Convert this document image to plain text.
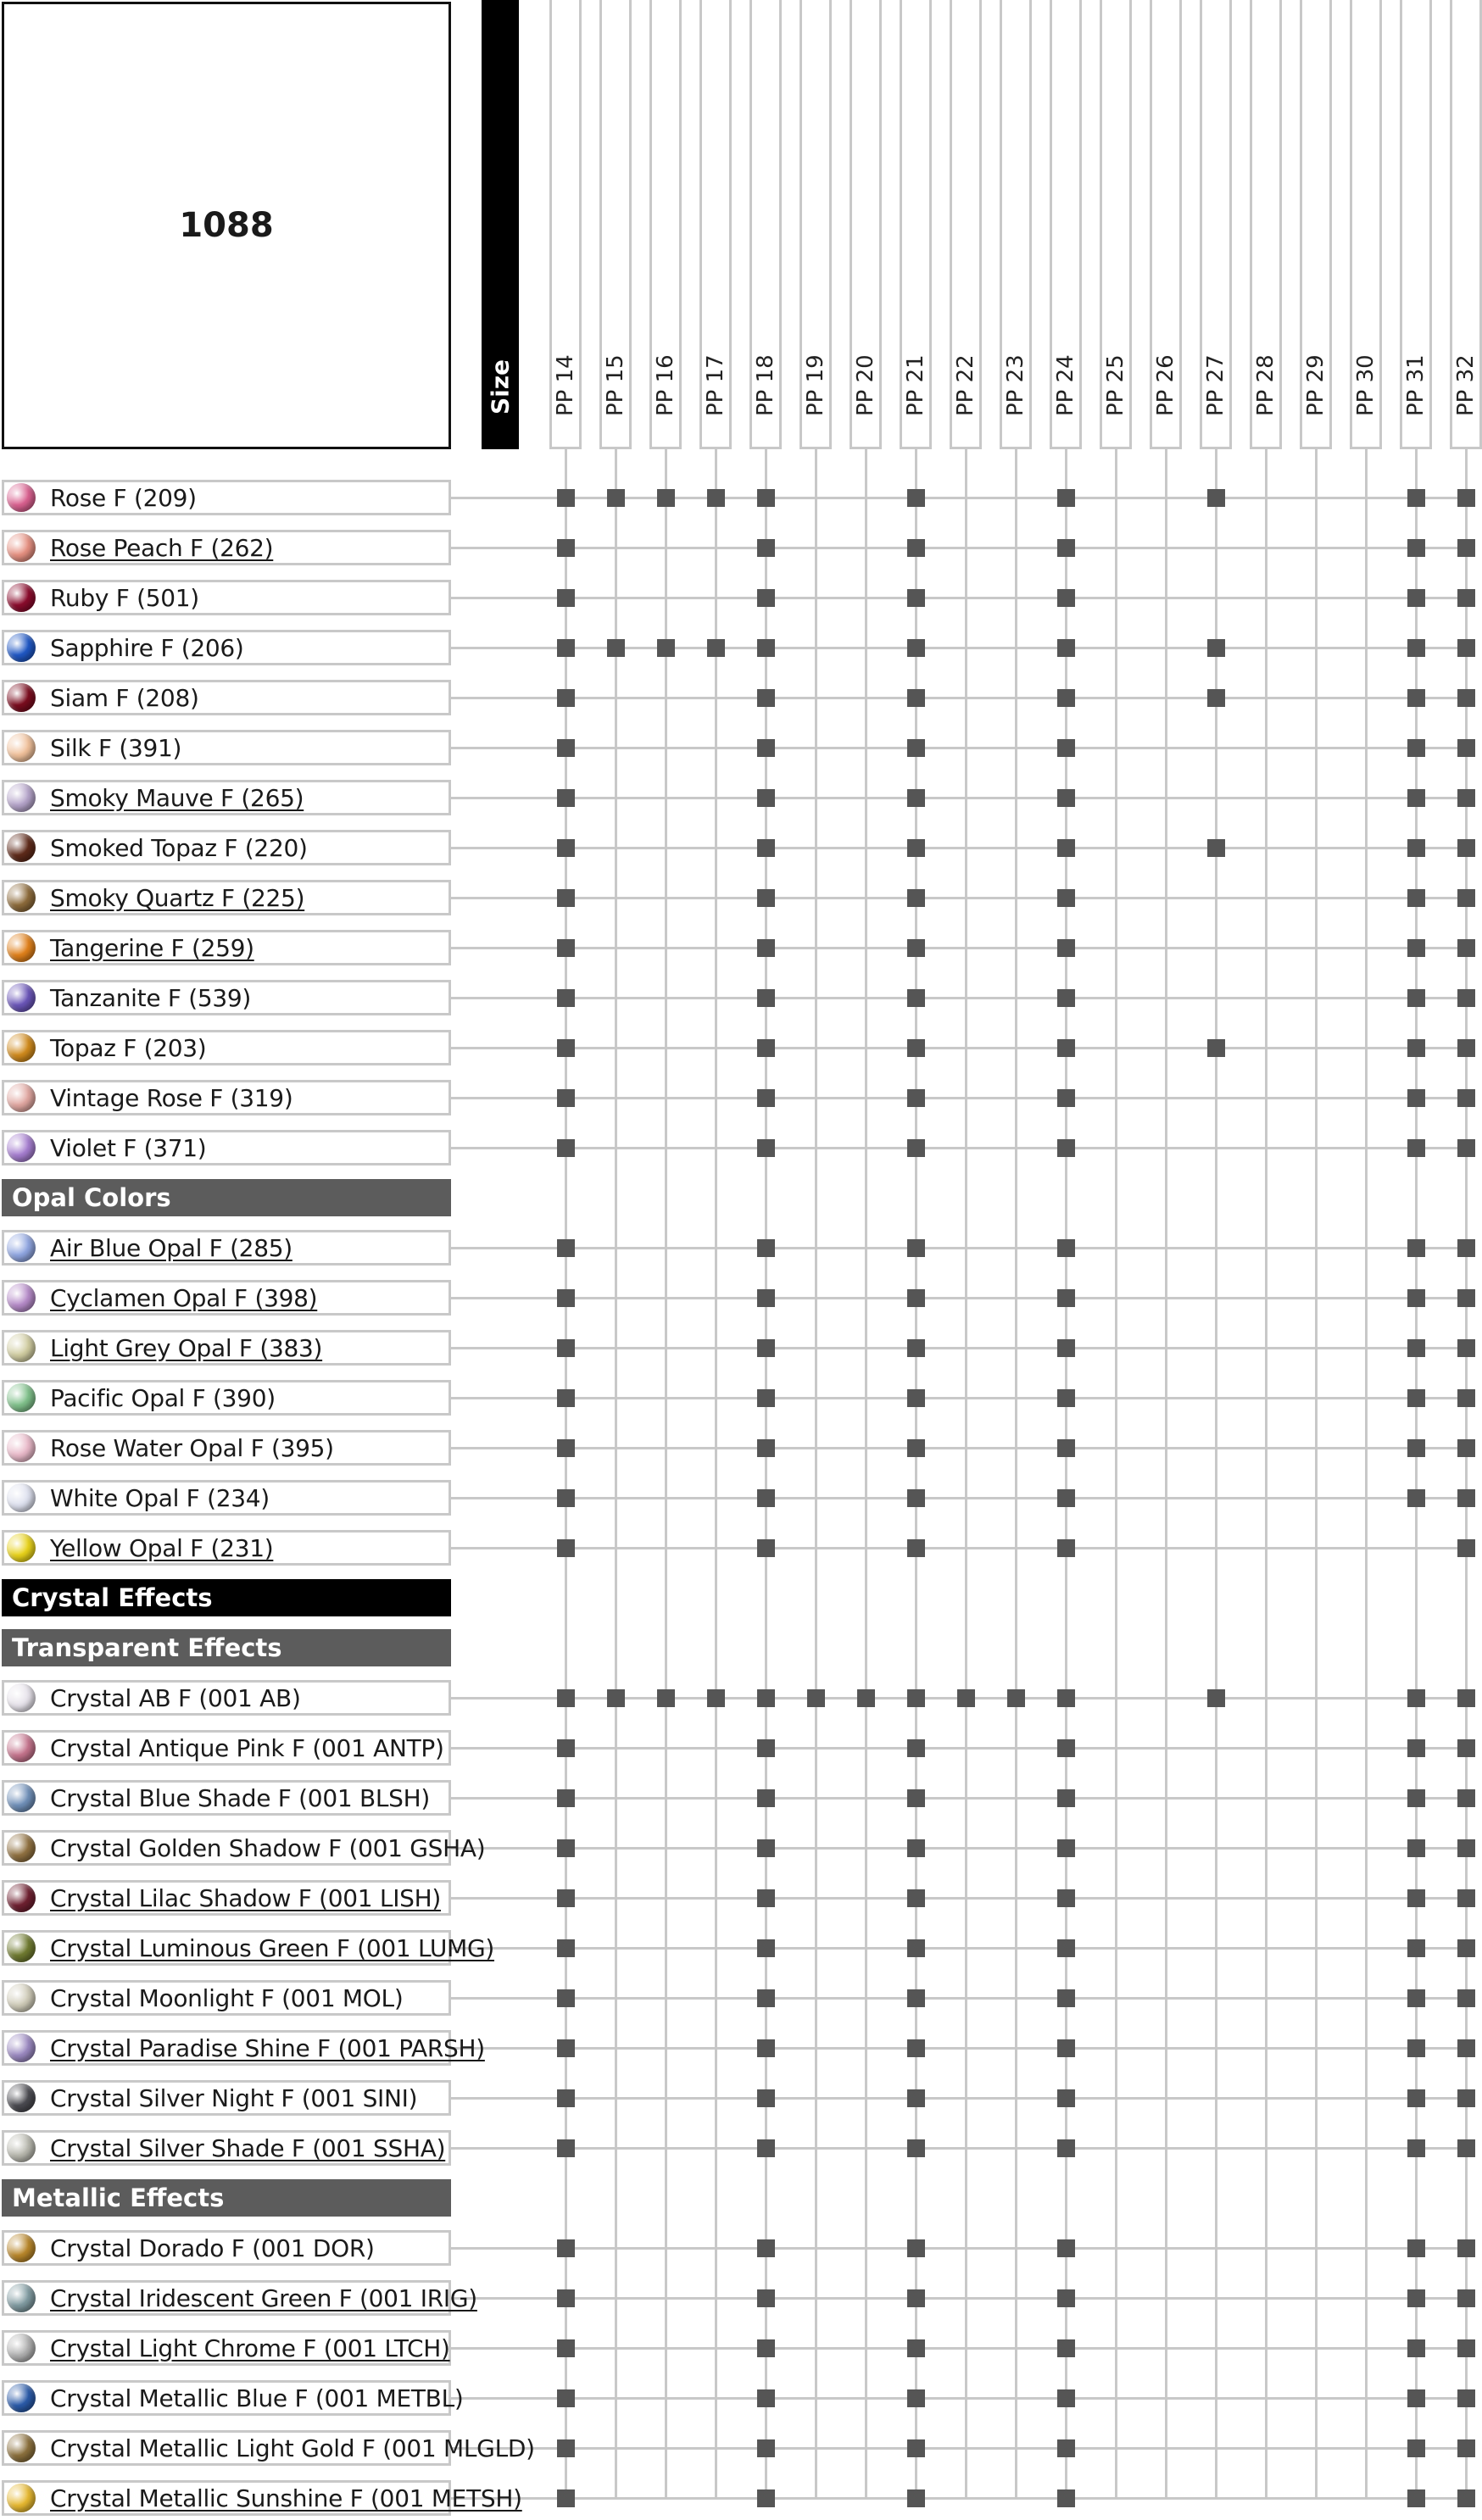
1088
Size PP 14 PP 15 PP 16 PP 17 PP 18 PP 19 PP 20 PP 21 PP 22 PP 23 PP 24 PP 25 PP 26 PP 27 PP 28 PP 29 PP 30 PP 31 PP 32
Rose F (209)
Rose Peach F (262)
Ruby F (501)
Sapphire F (206)
Siam F (208)
Silk F (391)
Smoky Mauve F (265)
Smoked Topaz F (220)
Smoky Quartz F (225)
Tangerine F (259)
Tanzanite F (539)
Topaz F (203)
Vintage Rose F (319)
Violet F (371)
Opal Colors
Air Blue Opal F (285)
Cyclamen Opal F (398)
Light Grey Opal F (383)
Pacific Opal F (390)
Rose Water Opal F (395)
White Opal F (234)
Yellow Opal F (231)
Crystal Effects
Transparent Effects
Crystal AB F (001 AB)
Crystal Antique Pink F (001 ANTP)
Crystal Blue Shade F (001 BLSH)
Crystal Golden Shadow F (001 GSHA)
Crystal Lilac Shadow F (001 LISH)
Crystal Luminous Green F (001 LUMG)
Crystal Moonlight F (001 MOL)
Crystal Paradise Shine F (001 PARSH)
Crystal Silver Night F (001 SINI)
Crystal Silver Shade F (001 SSHA)
Metallic Effects
Crystal Dorado F (001 DOR)
Crystal Iridescent Green F (001 IRIG)
Crystal Light Chrome F (001 LTCH)
Crystal Metallic Blue F (001 METBL)
Crystal Metallic Light Gold F (001 MLGLD)
Crystal Metallic Sunshine F (001 METSH)
